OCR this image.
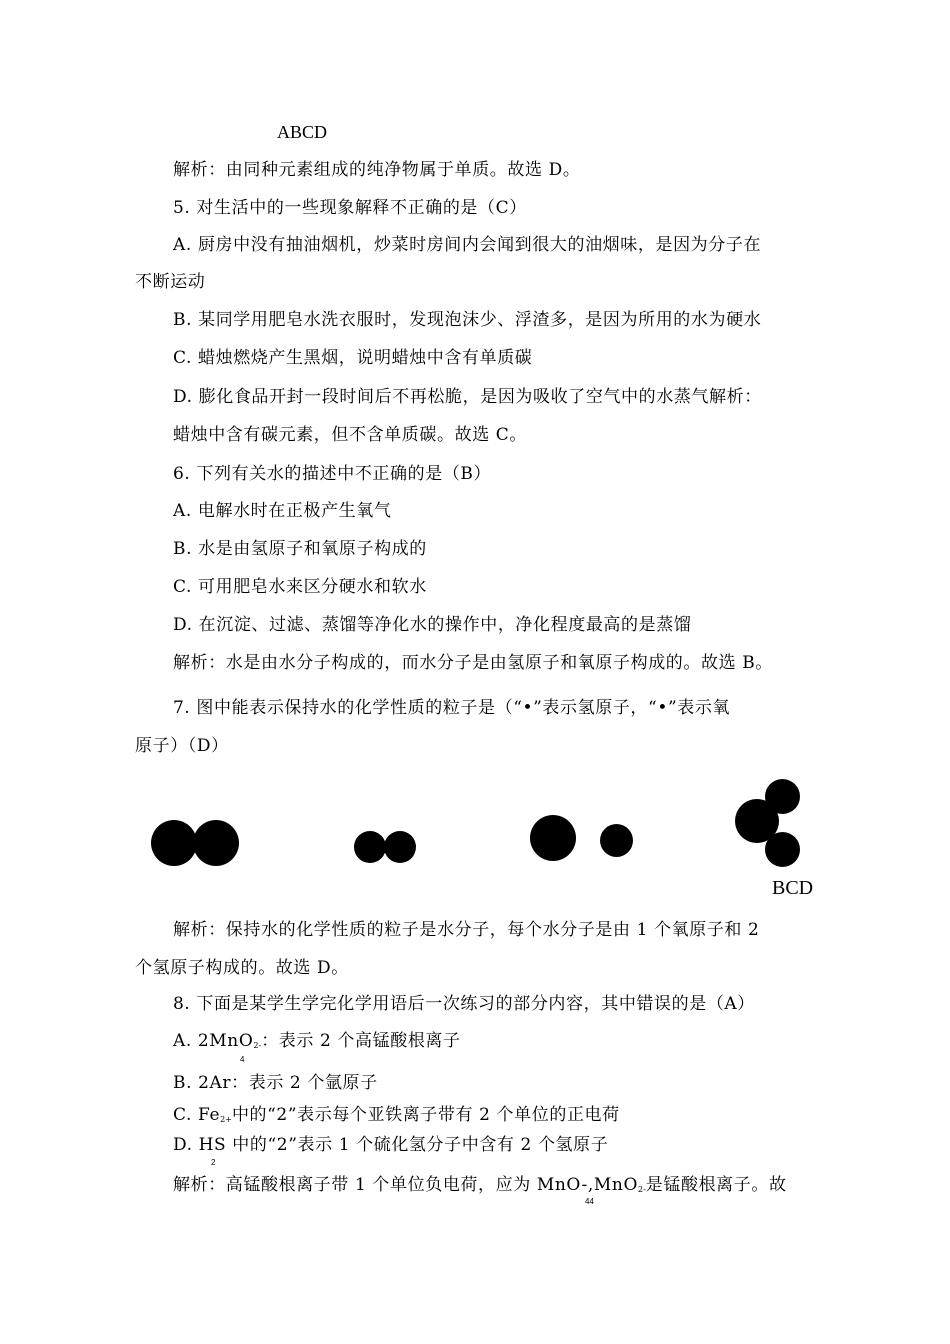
ABCD
解析：由同种元素组成的纯净物属于单质。故选 D。
5. 对生活中的一些现象解释不正确的是（C）
A. 厨房中没有抽油烟机，炒菜时房间内会闻到很大的油烟味，是因为分子在
不断运动
B. 某同学用肥皂水洗衣服时，发现泡沫少、浮渣多，是因为所用的水为硬水
C. 蜡烛燃烧产生黑烟，说明蜡烛中含有单质碳
D. 膨化食品开封一段时间后不再松脆，是因为吸收了空气中的水蒸气解析：
蜡烛中含有碳元素，但不含单质碳。故选 C。
6. 下列有关水的描述中不正确的是（B）
A. 电解水时在正极产生氧气
B. 水是由氢原子和氧原子构成的
C. 可用肥皂水来区分硬水和软水
D. 在沉淀、过滤、蒸馏等净化水的操作中，净化程度最高的是蒸馏
解析：水是由水分子构成的，而水分子是由氢原子和氧原子构成的。故选 B。
7. 图中能表示保持水的化学性质的粒子是（“•”表示氢原子，“•”表示氧
原子）（D）
BCD
解析：保持水的化学性质的粒子是水分子，每个水分子是由 1 个氧原子和 2
个氢原子构成的。故选 D。
8. 下面是某学生学完化学用语后一次练习的部分内容，其中错误的是（A）
A. 2MnO2-：表示 2 个高锰酸根离子
4
B. 2Ar：表示 2 个氩原子
C. Fe2+中的“2”表示每个亚铁离子带有 2 个单位的正电荷
D. HS 中的“2”表示 1 个硫化氢分子中含有 2 个氢原子
2
解析：高锰酸根离子带 1 个单位负电荷，应为 MnO-,MnO2-是锰酸根离子。故
44
